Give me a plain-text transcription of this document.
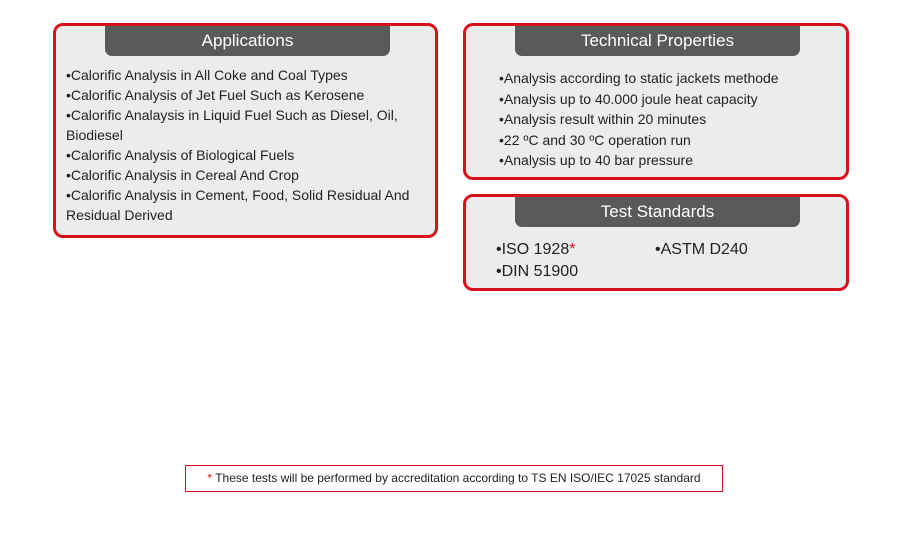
Applications
•Calorific Analysis in All Coke and Coal Types
•Calorific Analysis of Jet Fuel Such as Kerosene
•Calorific Analaysis in Liquid Fuel Such as Diesel, Oil, Biodiesel
•Calorific Analysis of Biological Fuels
•Calorific Analysis in Cereal And Crop
•Calorific Analysis in Cement, Food, Solid Residual And Residual Derived
Technical Properties
•Analysis according to static jackets methode
•Analysis up to 40.000 joule heat capacity
•Analysis result within 20 minutes
•22 ºC and 30 ºC operation run
•Analysis up to 40 bar pressure
Test Standards
•ISO 1928*	•ASTM D240
•DIN 51900
* These tests will be performed by accreditation according to TS EN ISO/IEC 17025 standard
